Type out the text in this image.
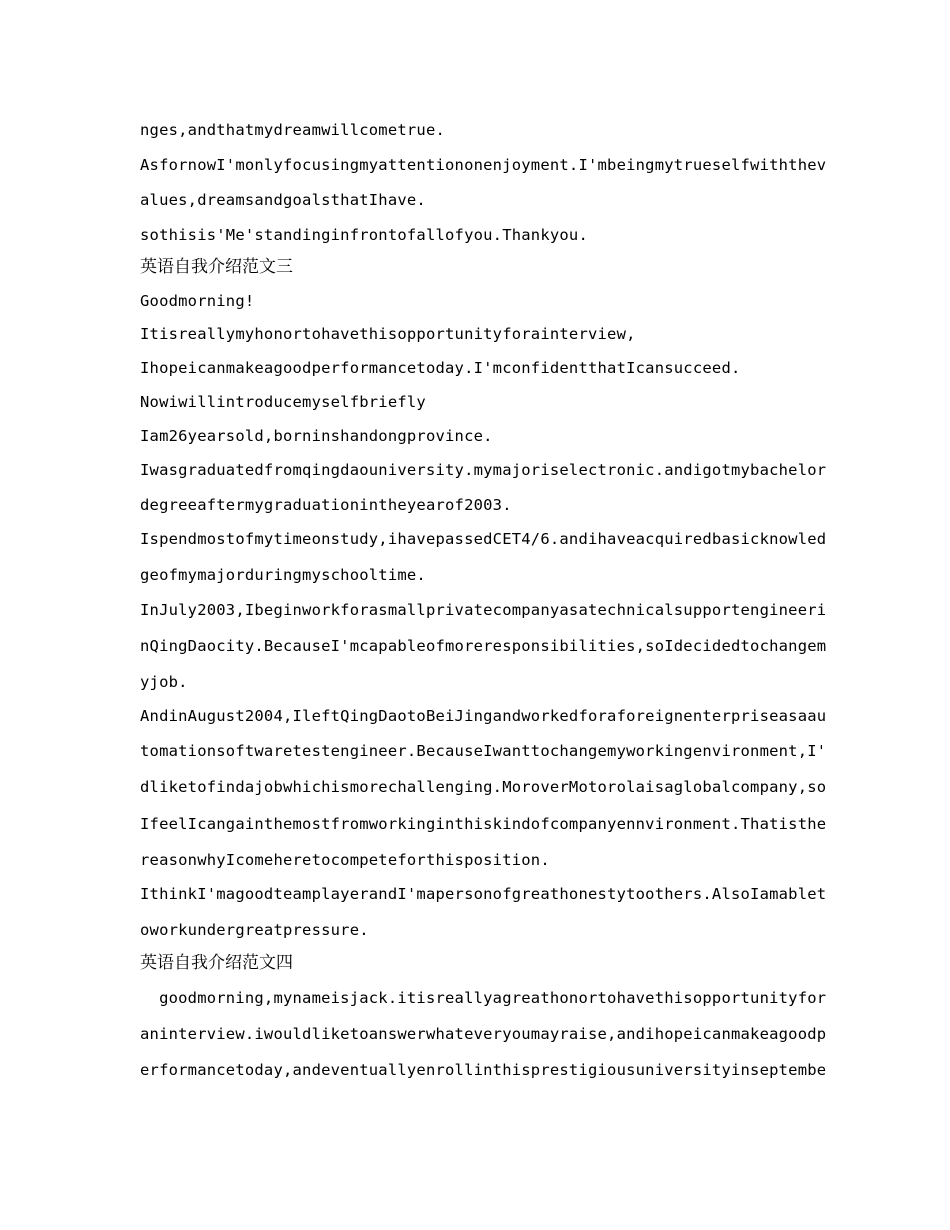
nges,andthatmydreamwillcometrue.
AsfornowI'monlyfocusingmyattentiononenjoyment.I'mbeingmytrueselfwiththev
alues,dreamsandgoalsthatIhave.
sothisis'Me'standinginfrontofallofyou.Thankyou.
英语自我介绍范文三
Goodmorning!
Itisreallymyhonortohavethisopportunityforainterview,
Ihopeicanmakeagoodperformancetoday.I'mconfidentthatIcansucceed.
Nowiwillintroducemyselfbriefly
Iam26yearsold,borninshandongprovince.
Iwasgraduatedfromqingdaouniversity.mymajoriselectronic.andigotmybachelor
degreeaftermygraduationintheyearof2003.
Ispendmostofmytimeonstudy,ihavepassedCET4/6.andihaveacquiredbasicknowled
geofmymajorduringmyschooltime.
InJuly2003,Ibeginworkforasmallprivatecompanyasatechnicalsupportengineeri
nQingDaocity.BecauseI'mcapableofmoreresponsibilities,soIdecidedtochangem
yjob.
AndinAugust2004,IleftQingDaotoBeiJingandworkedforaforeignenterpriseasaau
tomationsoftwaretestengineer.BecauseIwanttochangemyworkingenvironment,I'
dliketofindajobwhichismorechallenging.MoroverMotorolaisaglobalcompany,so
IfeelIcangainthemostfromworkinginthiskindofcompanyennvironment.Thatisthe
reasonwhyIcomeheretocompeteforthisposition.
IthinkI'magoodteamplayerandI'mapersonofgreathonestytoothers.AlsoIamablet
oworkundergreatpressure.
英语自我介绍范文四
goodmorning,mynameisjack.itisreallyagreathonortohavethisopportunityfor
aninterview.iwouldliketoanswerwhateveryoumayraise,andihopeicanmakeagoodp
erformancetoday,andeventuallyenrollinthisprestigiousuniversityinseptembe
